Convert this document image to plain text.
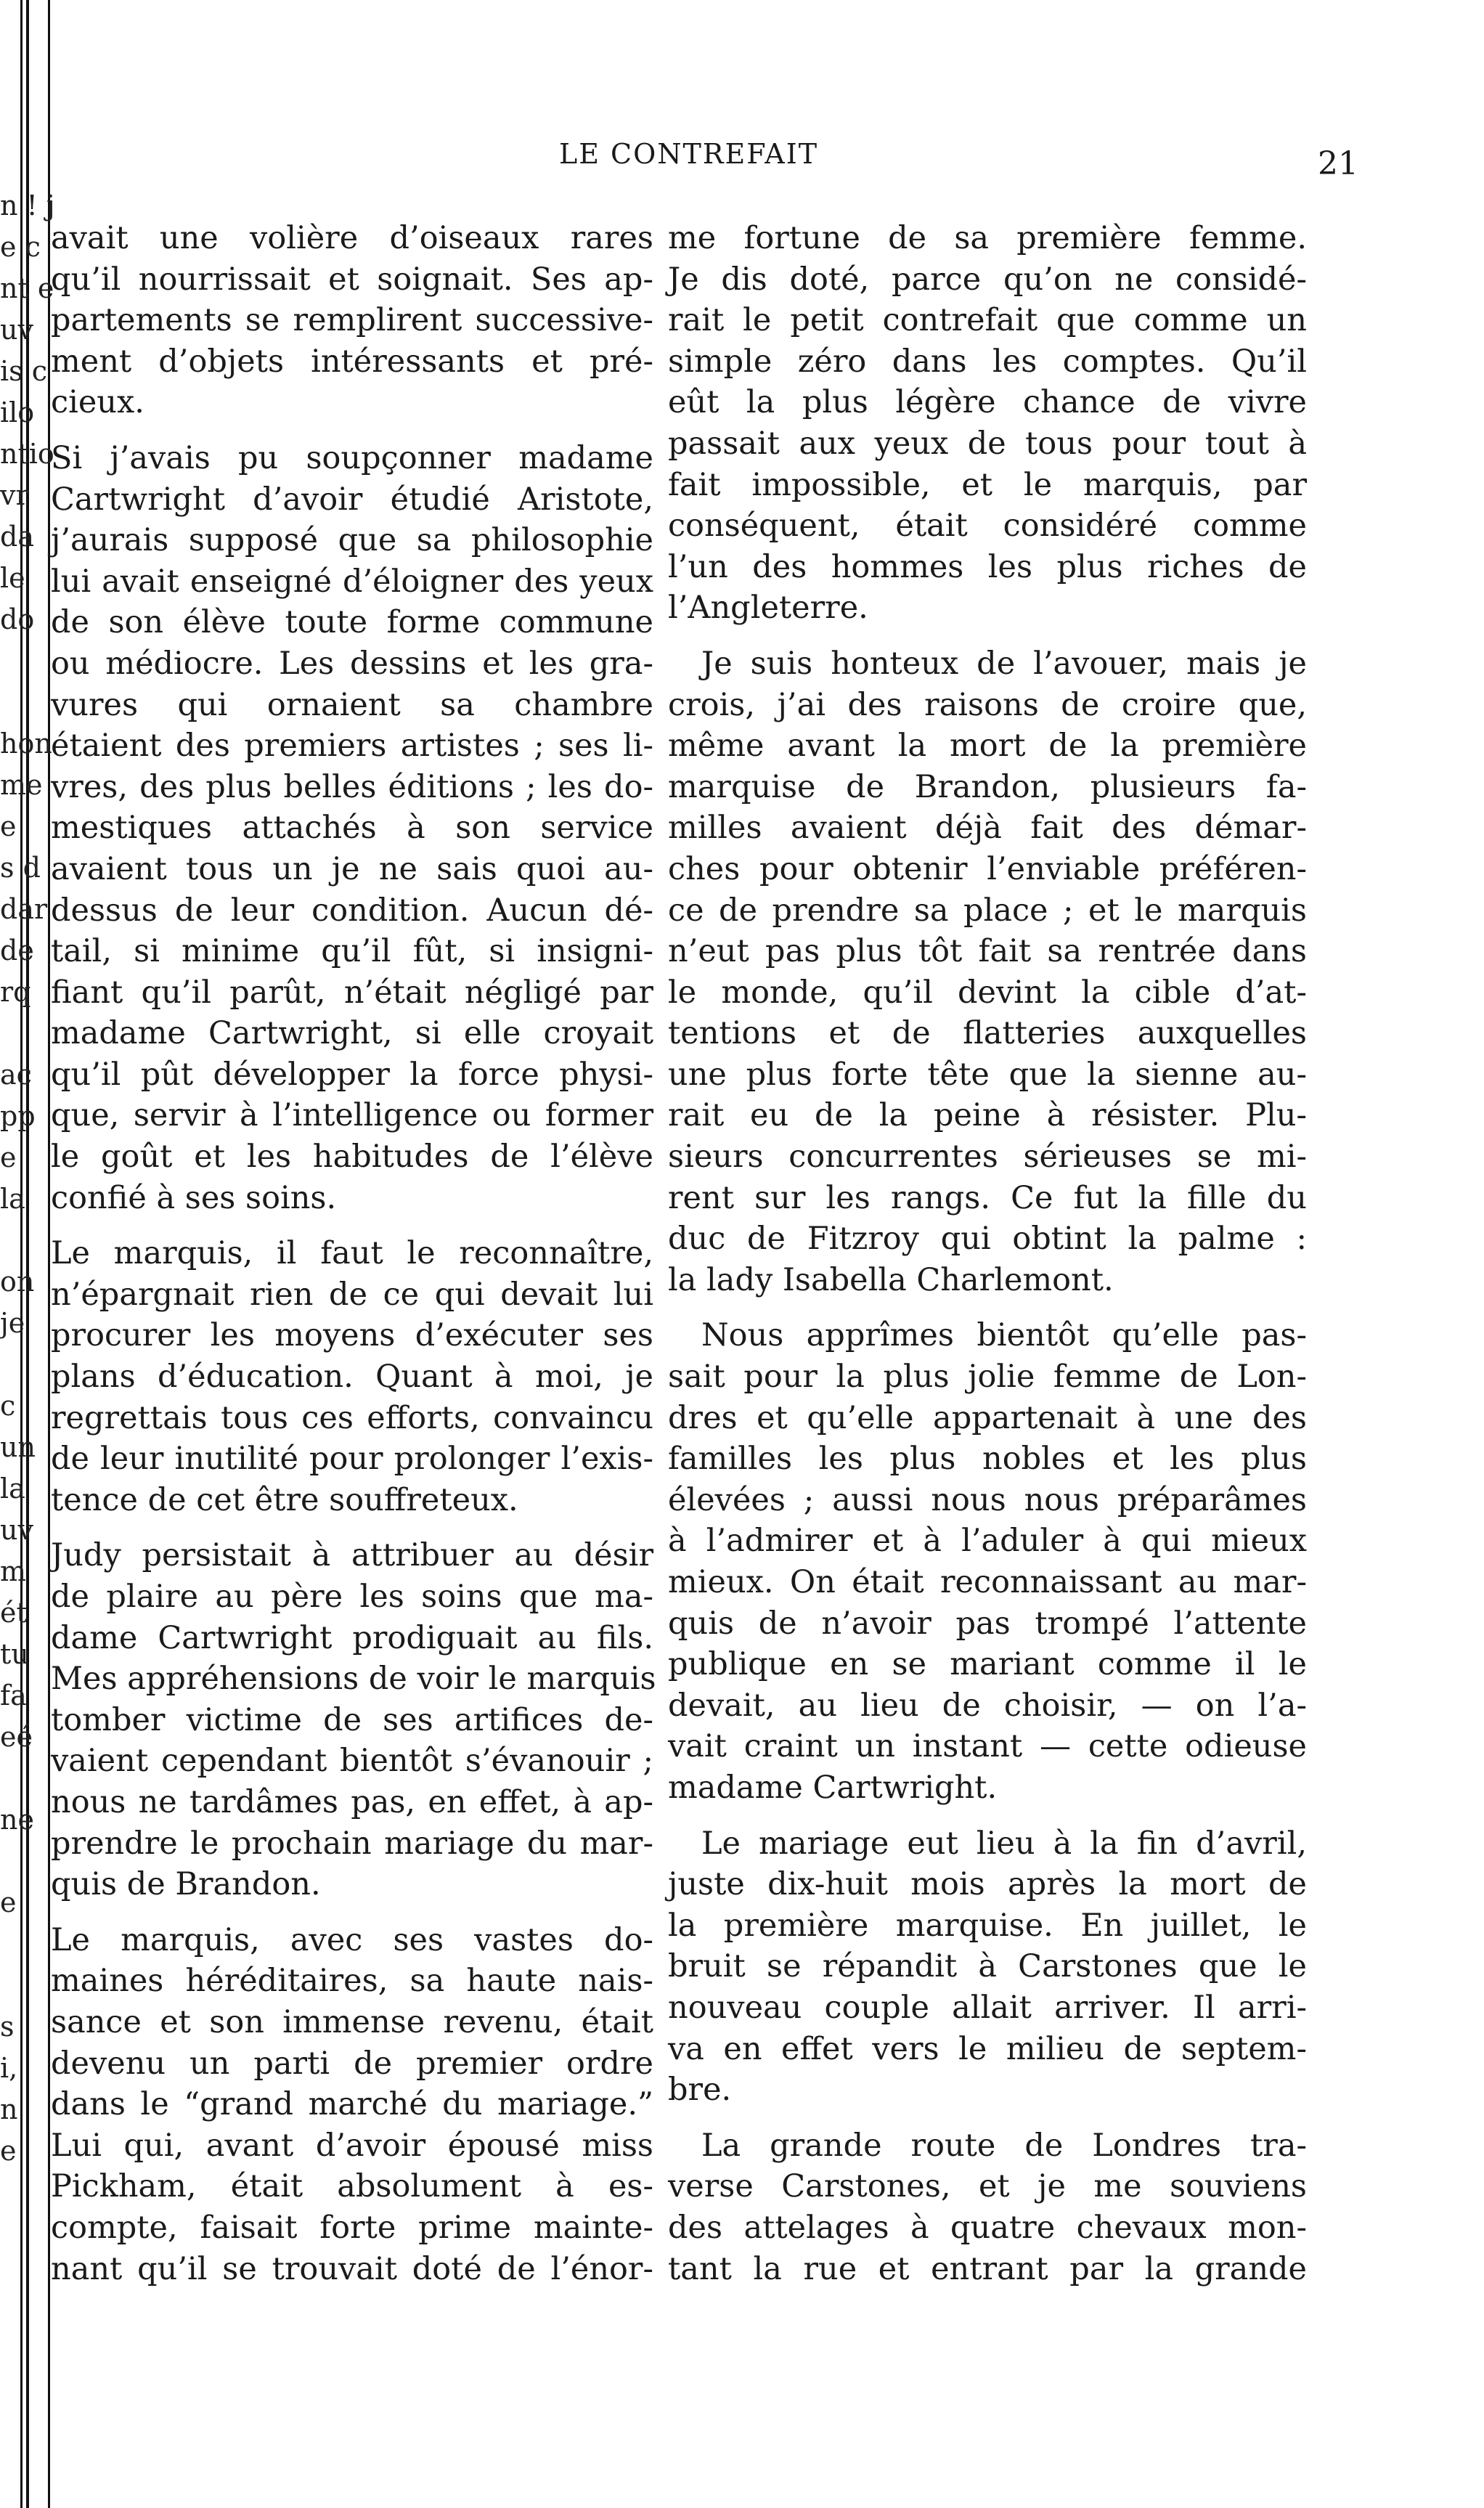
n ! j
e c
nt e
uv
is c
ilo
ntio
vr
da
le
do
hon
me
e
s d
dar
de
rq
ac
pp
e
la
on
je
c
un
la
uv
m
ét
tu
fa
eé
ne
e
s
i,
n
e
LE CONTREFAIT	21
avait une volière d’oiseaux rares
qu’il nourrissait et soignait. Ses ap-
partements se remplirent successive-
ment d’objets intéressants et pré-
cieux.
Si j’avais pu soupçonner madame
Cartwright d’avoir étudié Aristote,
j’aurais supposé que sa philosophie
lui avait enseigné d’éloigner des yeux
de son élève toute forme commune
ou médiocre. Les dessins et les gra-
vures qui ornaient sa chambre
étaient des premiers artistes ; ses li-
vres, des plus belles éditions ; les do-
mestiques attachés à son service
avaient tous un je ne sais quoi au-
dessus de leur condition. Aucun dé-
tail, si minime qu’il fût, si insigni-
fiant qu’il parût, n’était négligé par
madame Cartwright, si elle croyait
qu’il pût développer la force physi-
que, servir à l’intelligence ou former
le goût et les habitudes de l’élève
confié à ses soins.
Le marquis, il faut le reconnaître,
n’épargnait rien de ce qui devait lui
procurer les moyens d’exécuter ses
plans d’éducation. Quant à moi, je
regrettais tous ces efforts, convaincu
de leur inutilité pour prolonger l’exis-
tence de cet être souffreteux.
Judy persistait à attribuer au désir
de plaire au père les soins que ma-
dame Cartwright prodiguait au fils.
Mes appréhensions de voir le marquis
tomber victime de ses artifices de-
vaient cependant bientôt s’évanouir ;
nous ne tardâmes pas, en effet, à ap-
prendre le prochain mariage du mar-
quis de Brandon.
Le marquis, avec ses vastes do-
maines héréditaires, sa haute nais-
sance et son immense revenu, était
devenu un parti de premier ordre
dans le “grand marché du mariage.”
Lui qui, avant d’avoir épousé miss
Pickham, était absolument à es-
compte, faisait forte prime mainte-
nant qu’il se trouvait doté de l’énor-
me fortune de sa première femme.
Je dis doté, parce qu’on ne considé-
rait le petit contrefait que comme un
simple zéro dans les comptes. Qu’il
eût la plus légère chance de vivre
passait aux yeux de tous pour tout à
fait impossible, et le marquis, par
conséquent, était considéré comme
l’un des hommes les plus riches de
l’Angleterre.
Je suis honteux de l’avouer, mais je
crois, j’ai des raisons de croire que,
même avant la mort de la première
marquise de Brandon, plusieurs fa-
milles avaient déjà fait des démar-
ches pour obtenir l’enviable préféren-
ce de prendre sa place ; et le marquis
n’eut pas plus tôt fait sa rentrée dans
le monde, qu’il devint la cible d’at-
tentions et de flatteries auxquelles
une plus forte tête que la sienne au-
rait eu de la peine à résister. Plu-
sieurs concurrentes sérieuses se mi-
rent sur les rangs. Ce fut la fille du
duc de Fitzroy qui obtint la palme :
la lady Isabella Charlemont.
Nous apprîmes bientôt qu’elle pas-
sait pour la plus jolie femme de Lon-
dres et qu’elle appartenait à une des
familles les plus nobles et les plus
élevées ; aussi nous nous préparâmes
à l’admirer et à l’aduler à qui mieux
mieux. On était reconnaissant au mar-
quis de n’avoir pas trompé l’attente
publique en se mariant comme il le
devait, au lieu de choisir, — on l’a-
vait craint un instant — cette odieuse
madame Cartwright.
Le mariage eut lieu à la fin d’avril,
juste dix-huit mois après la mort de
la première marquise. En juillet, le
bruit se répandit à Carstones que le
nouveau couple allait arriver. Il arri-
va en effet vers le milieu de septem-
bre.
La grande route de Londres tra-
verse Carstones, et je me souviens
des attelages à quatre chevaux mon-
tant la rue et entrant par la grande
